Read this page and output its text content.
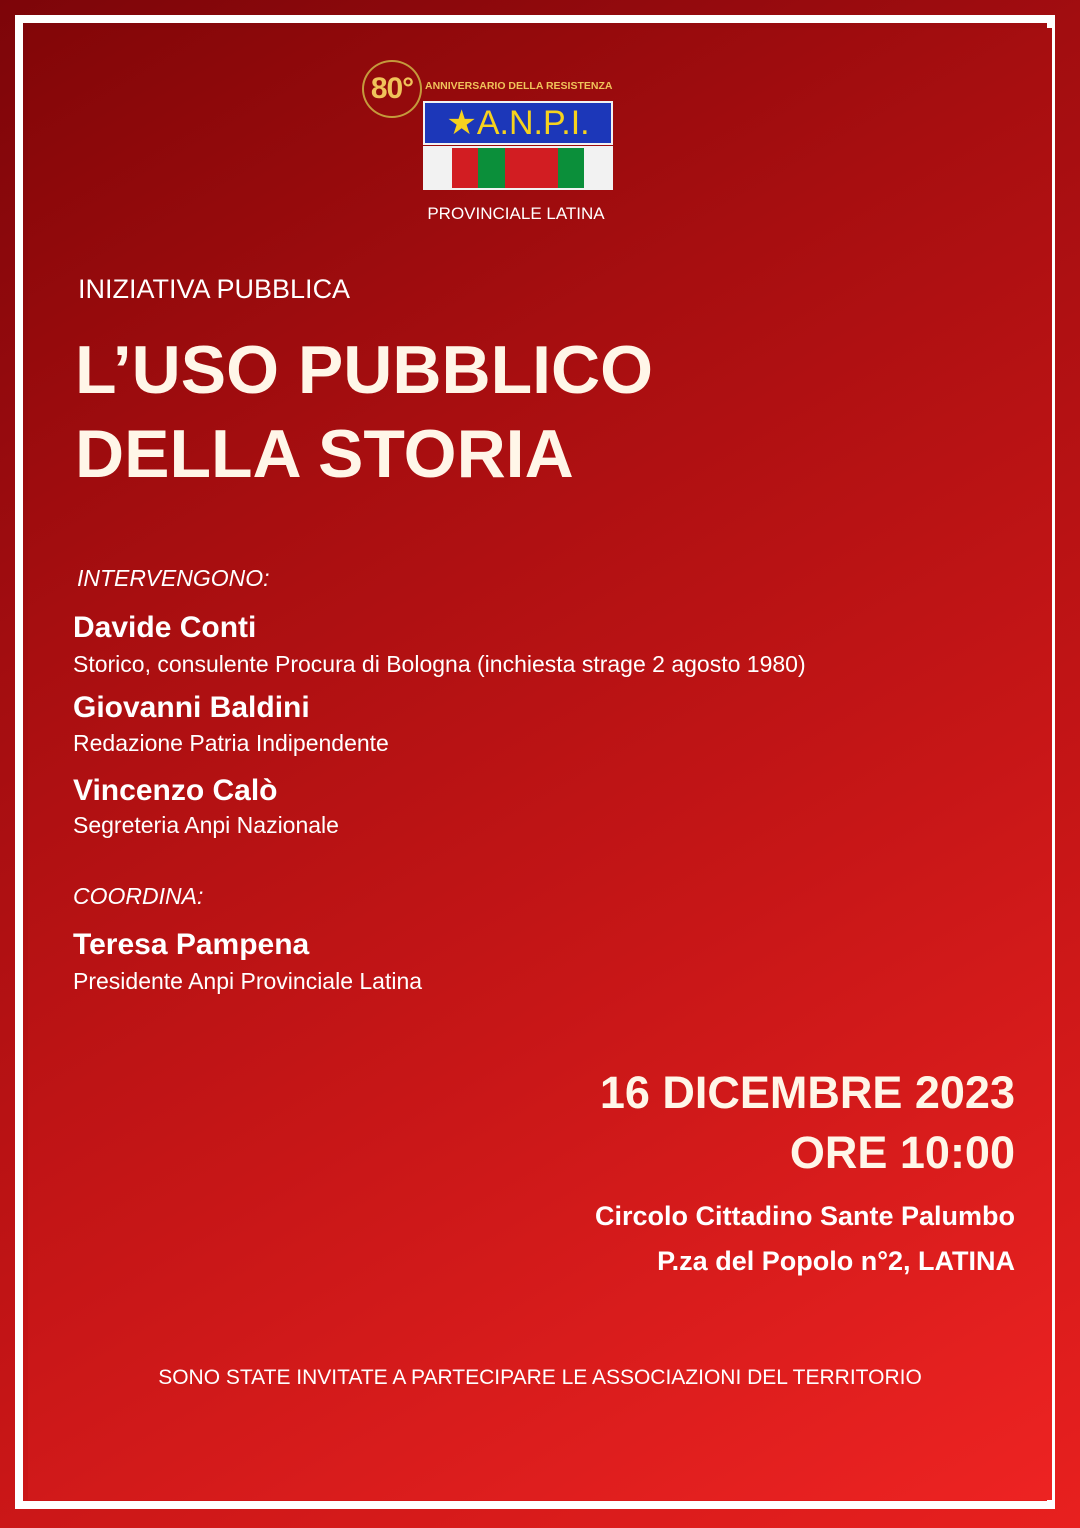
80°	ANNIVERSARIO DELLA RESISTENZA
★A.N.P.I.
PROVINCIALE LATINA
INIZIATIVA PUBBLICA
L’USO PUBBLICO
DELLA STORIA
INTERVENGONO:
Davide Conti
Storico, consulente Procura di Bologna (inchiesta strage 2 agosto 1980)
Giovanni Baldini
Redazione Patria Indipendente
Vincenzo Calò
Segreteria Anpi Nazionale
COORDINA:
Teresa Pampena
Presidente Anpi Provinciale Latina
16 DICEMBRE 2023
ORE 10:00
Circolo Cittadino Sante Palumbo
P.za del Popolo n°2, LATINA
SONO STATE INVITATE A PARTECIPARE LE ASSOCIAZIONI DEL TERRITORIO
